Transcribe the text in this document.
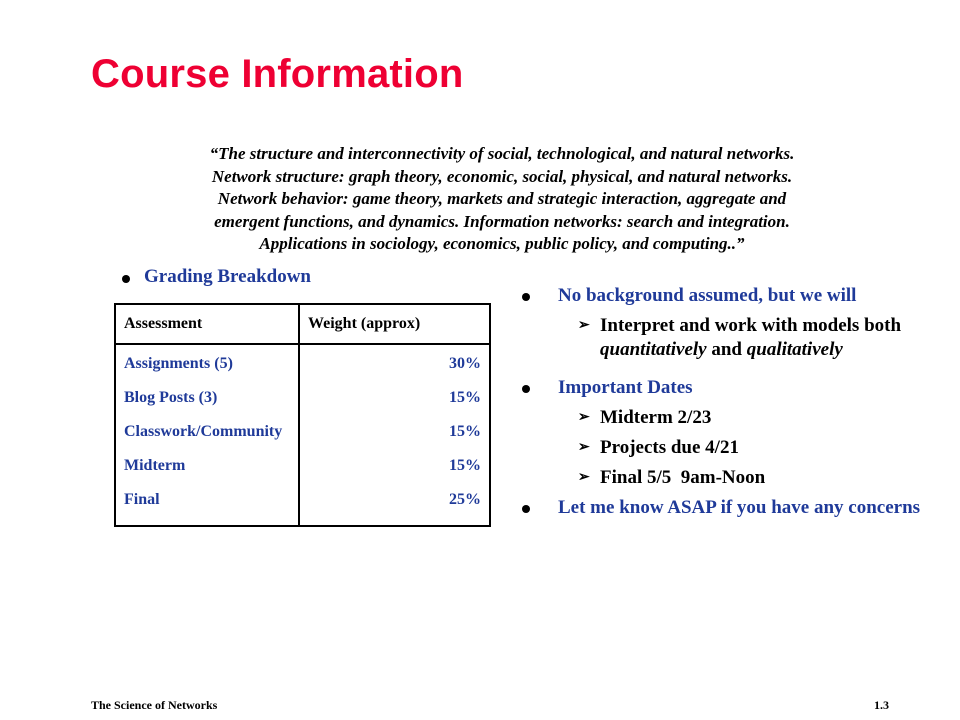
Course Information
“The structure and interconnectivity of social, technological, and natural networks.
Network structure: graph theory, economic, social, physical, and natural networks.
Network behavior: game theory, markets and strategic interaction, aggregate and
emergent functions, and dynamics. Information networks: search and integration.
Applications in sociology, economics, public policy, and computing..”
Grading Breakdown
Assessment	Weight (approx)
Assignments (5)	30%
Blog Posts (3)	15%
Classwork/Community	15%
Midterm	15%
Final	25%
No background assumed, but we will
➢ Interpret and work with models both quantitatively and qualitatively
Important Dates
➢ Midterm 2/23
➢ Projects due 4/21
➢ Final 5/5  9am-Noon
Let me know ASAP if you have any concerns
The Science of Networks	1.3
